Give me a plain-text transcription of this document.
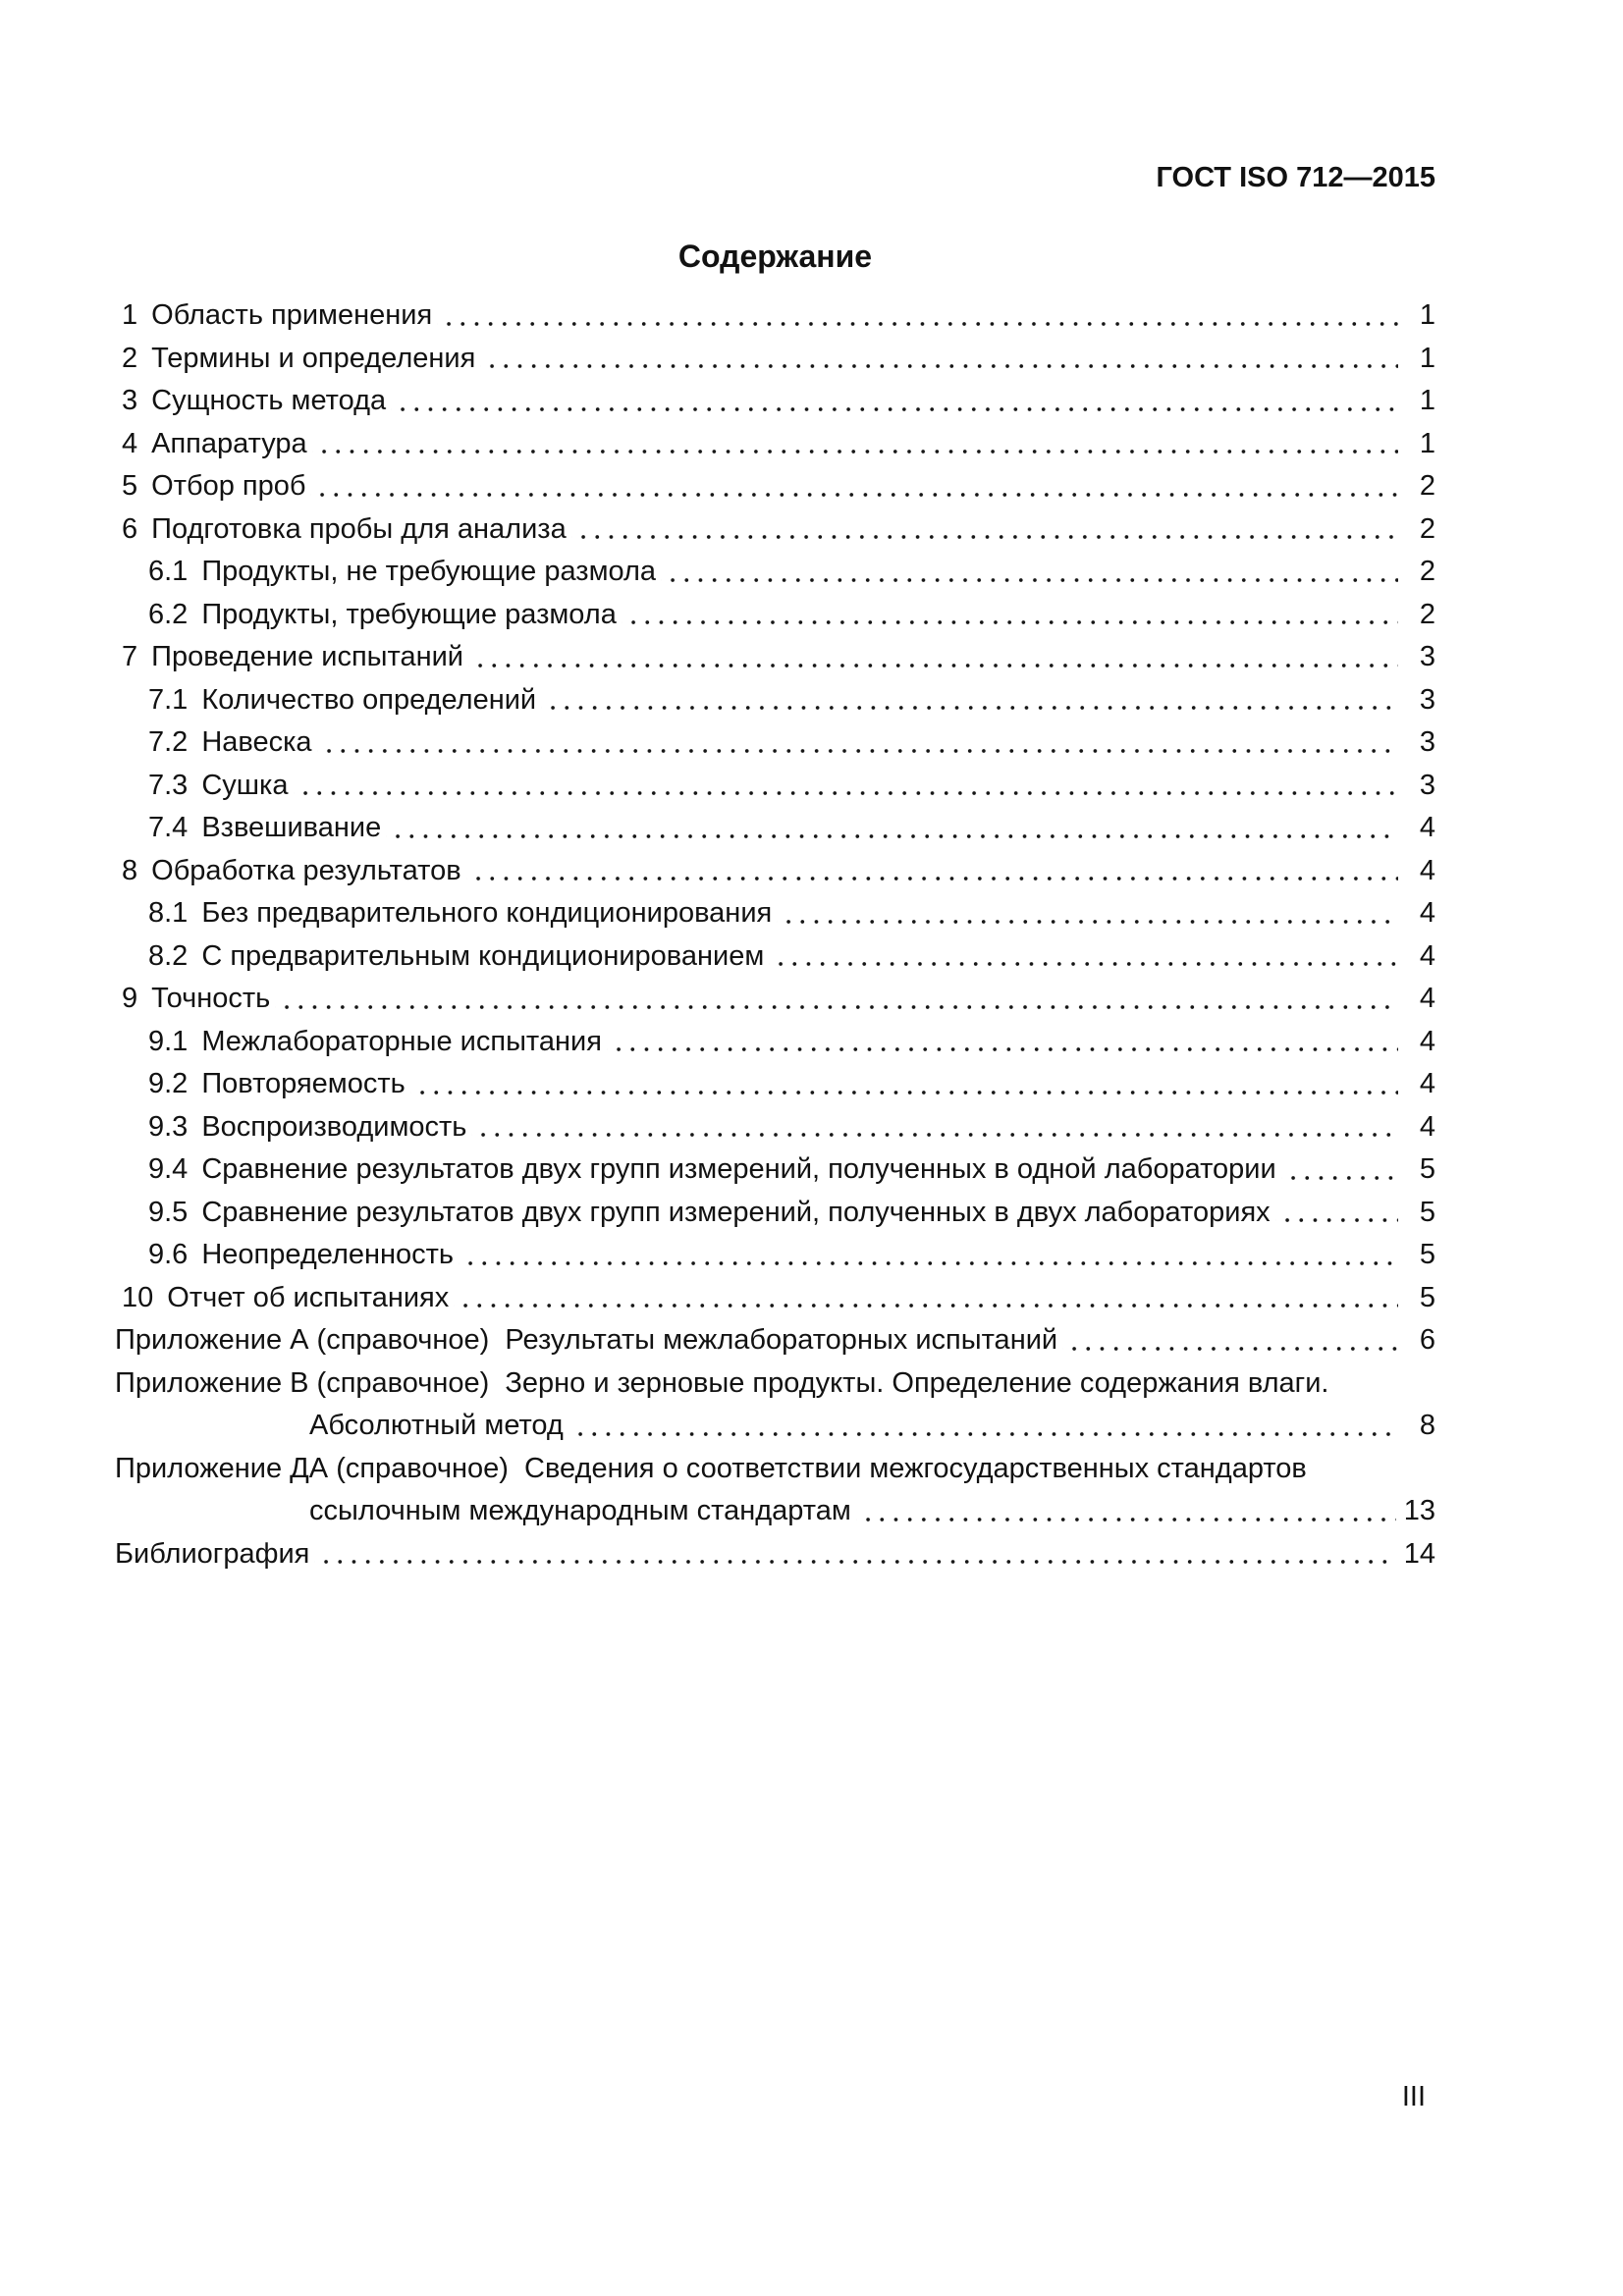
ГОСТ ISO 712—2015
Содержание
1 Область применения	1
2 Термины и определения	1
3 Сущность метода	1
4 Аппаратура	1
5 Отбор проб	2
6 Подготовка пробы для анализа	2
6.1 Продукты, не требующие размола	2
6.2 Продукты, требующие размола	2
7 Проведение испытаний	3
7.1 Количество определений	3
7.2 Навеска	3
7.3 Сушка	3
7.4 Взвешивание	4
8 Обработка результатов	4
8.1 Без предварительного кондиционирования	4
8.2 С предварительным кондиционированием	4
9 Точность	4
9.1 Межлабораторные испытания	4
9.2 Повторяемость	4
9.3 Воспроизводимость	4
9.4 Сравнение результатов двух групп измерений, полученных в одной лаборатории	5
9.5 Сравнение результатов двух групп измерений, полученных в двух лабораториях	5
9.6 Неопределенность	5
10 Отчет об испытаниях	5
Приложение А (справочное)  Результаты межлабораторных испытаний	6
Приложение В (справочное)  Зерно и зерновые продукты. Определение содержания влаги.
Абсолютный метод	8
Приложение ДА (справочное)  Сведения о соответствии межгосударственных стандартов
ссылочным международным стандартам	13
Библиография	14
III
